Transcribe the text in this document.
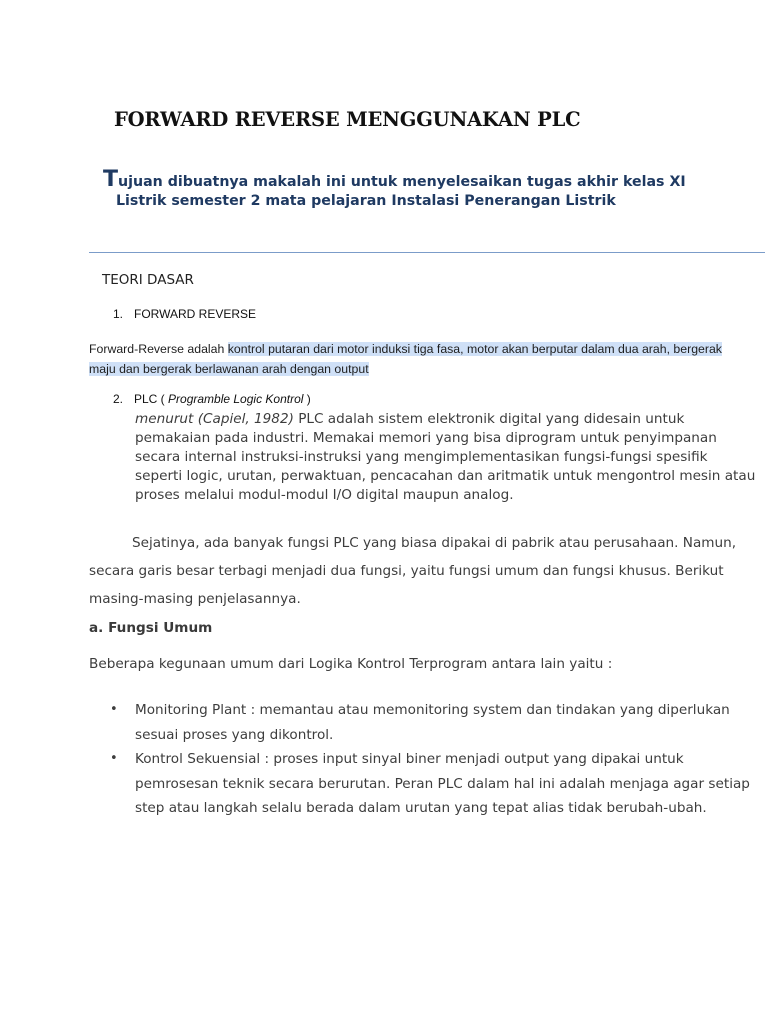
FORWARD REVERSE MENGGUNAKAN PLC
Tujuan dibuatnya makalah ini untuk menyelesaikan tugas akhir kelas XI
Listrik semester 2 mata pelajaran Instalasi Penerangan Listrik
TEORI DASAR
1. FORWARD REVERSE
Forward-Reverse adalah kontrol putaran dari motor induksi tiga fasa, motor akan berputar dalam dua arah, bergerak
maju dan bergerak berlawanan arah dengan output
2. PLC ( Programble Logic Kontrol )
menurut (Capiel, 1982) PLC adalah sistem elektronik digital yang didesain untuk
pemakaian pada industri. Memakai memori yang bisa diprogram untuk penyimpanan
secara internal instruksi-instruksi yang mengimplementasikan fungsi-fungsi spesifik
seperti logic, urutan, perwaktuan, pencacahan dan aritmatik untuk mengontrol mesin atau
proses melalui modul-modul I/O digital maupun analog.
Sejatinya, ada banyak fungsi PLC yang biasa dipakai di pabrik atau perusahaan. Namun,
secara garis besar terbagi menjadi dua fungsi, yaitu fungsi umum dan fungsi khusus. Berikut
masing-masing penjelasannya.
a. Fungsi Umum
Beberapa kegunaan umum dari Logika Kontrol Terprogram antara lain yaitu :
• Monitoring Plant : memantau atau memonitoring system dan tindakan yang diperlukan
sesuai proses yang dikontrol.
• Kontrol Sekuensial : proses input sinyal biner menjadi output yang dipakai untuk
pemrosesan teknik secara berurutan. Peran PLC dalam hal ini adalah menjaga agar setiap
step atau langkah selalu berada dalam urutan yang tepat alias tidak berubah-ubah.
